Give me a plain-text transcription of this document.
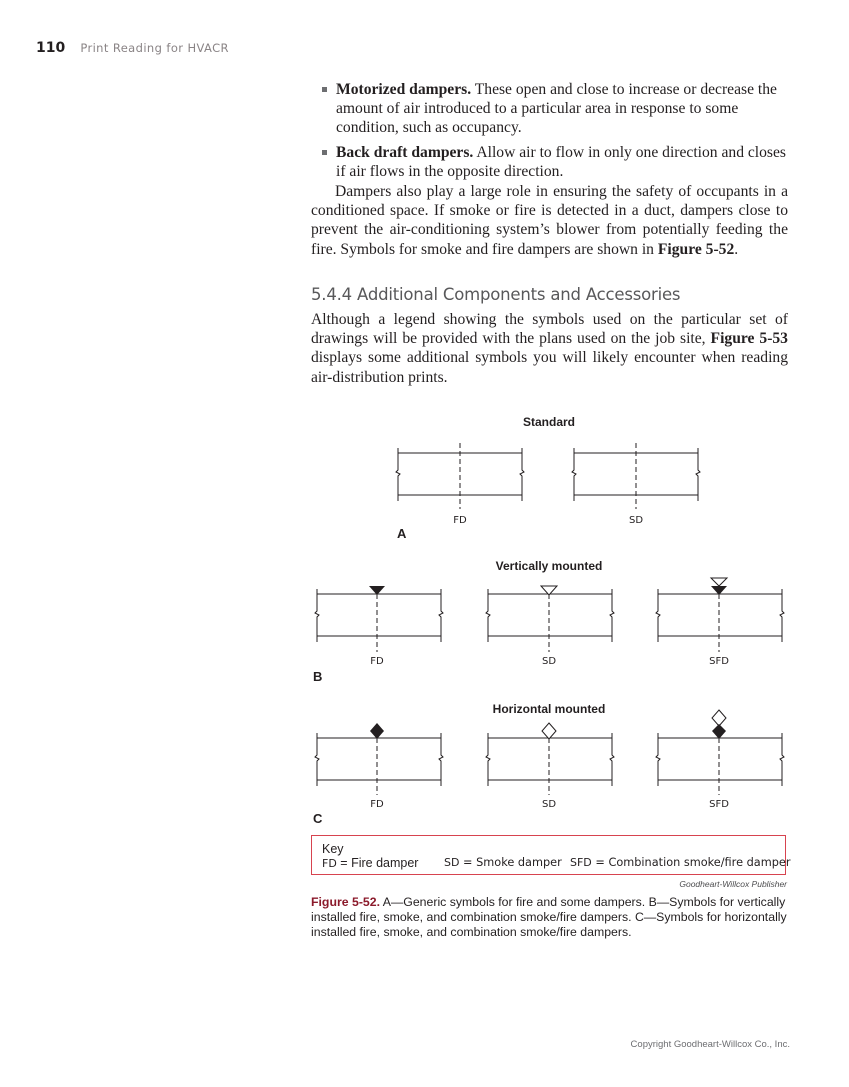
110 Print Reading for HVACR
Motorized dampers. These open and close to increase or decrease the amount of air introduced to a particular area in response to some condition, such as occupancy.
Back draft dampers. Allow air to flow in only one direction and closes if air flows in the opposite direction.

Dampers also play a large role in ensuring the safety of occupants in a conditioned space. If smoke or fire is detected in a duct, dampers close to prevent the air-conditioning system’s blower from potentially feeding the fire. Symbols for smoke and fire dampers are shown in Figure 5-52.

5.4.4 Additional Components and Accessories

Although a legend showing the symbols used on the particular set of drawings will be provided with the plans used on the job site, Figure 5-53 displays some additional symbols you will likely encounter when reading air-distribution prints.

Standard
FD	SD
A
Vertically mounted
FD	SD	SFD
B
Horizontal mounted
FD	SD	SFD
C
Key
FD = Fire damper SD = Smoke damper SFD = Combination smoke/fire damper
Goodheart-Willcox Publisher
Figure 5-52. A—Generic symbols for fire and some dampers. B—Symbols for vertically installed fire, smoke, and combination smoke/fire dampers. C—Symbols for horizontally installed fire, smoke, and combination smoke/fire dampers.
Copyright Goodheart-Willcox Co., Inc.
